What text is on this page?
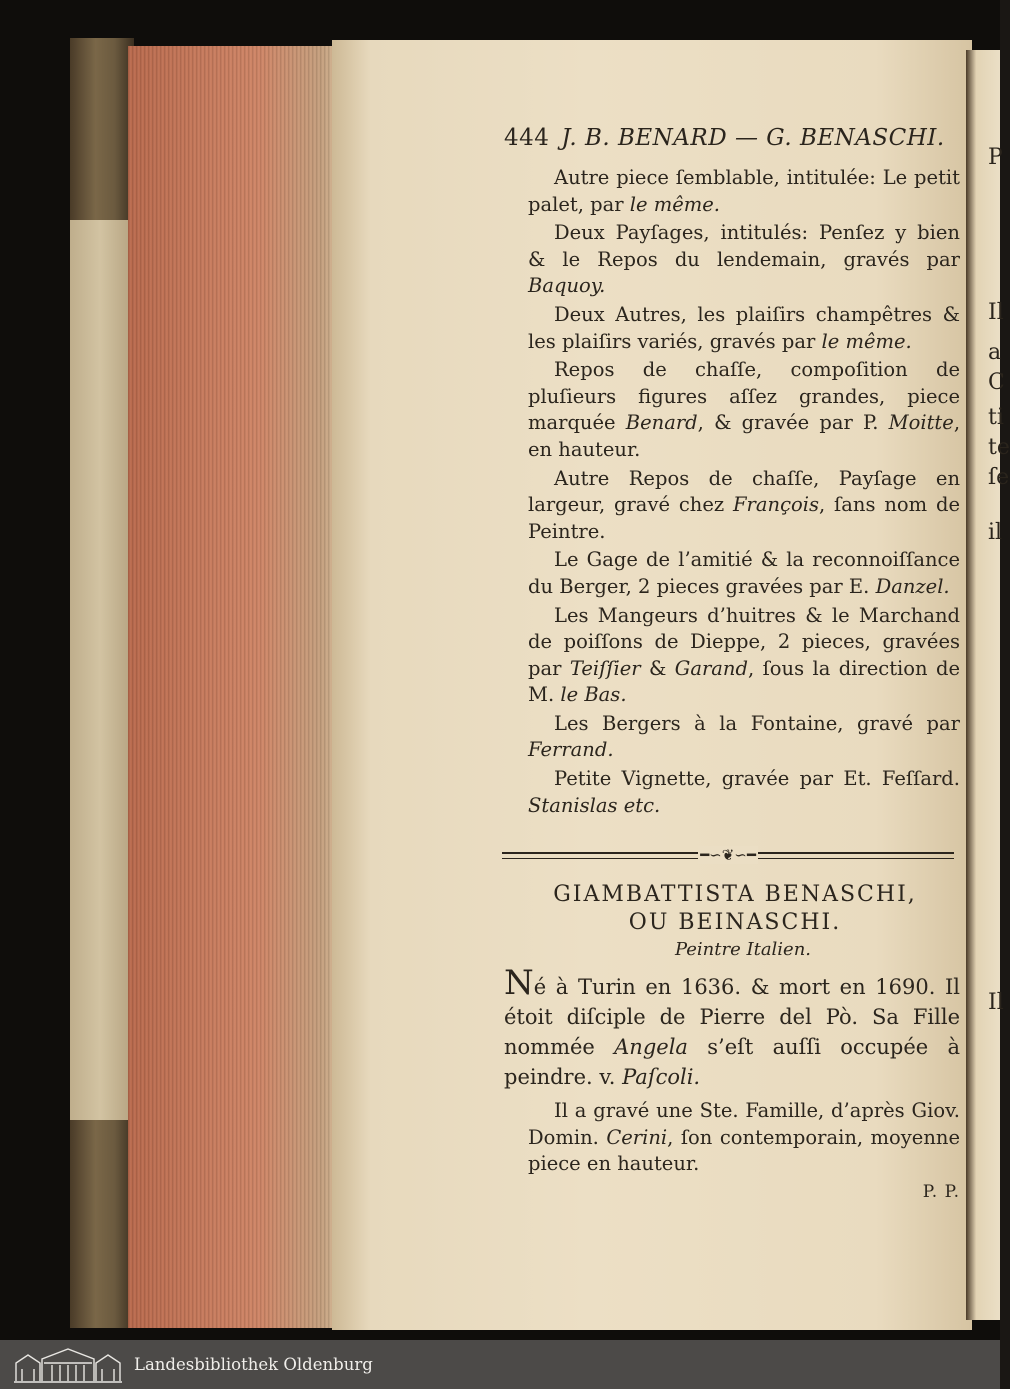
P
Il
a
C
ti
te
ſe
il
Il
444 J. B. BENARD — G. BENASCHI.

Autre piece ſemblable, intitulée: Le petit palet, par le même.

Deux Payſages, intitulés: Penſez y bien & le Repos du lendemain, gravés par Baquoy.

Deux Autres, les plaiſirs champêtres & les plaiſirs variés, gravés par le même.

Repos de chaſſe, compoſition de pluſieurs figures aſſez grandes, piece marquée Benard, & gravée par P. Moitte, en hauteur.

Autre Repos de chaſſe, Payſage en largeur, gravé chez François, ſans nom de Peintre.

Le Gage de l’amitié & la reconnoiſſance du Berger, 2 pieces gravées par E. Danzel.

Les Mangeurs d’huitres & le Marchand de poiſſons de Dieppe, 2 pieces, gravées par Teiſſier & Garand, ſous la direction de M. le Bas.

Les Bergers à la Fontaine, gravé par Ferrand.

Petite Vignette, gravée par Et. Feſſard. Stanislas etc.

━∽❦∽━
GIAMBATTISTA BENASCHI,
OU BEINASCHI.
Peintre Italien.
Né à Turin en 1636. & mort en 1690. Il étoit diſciple de Pierre del Pò. Sa Fille nommée Angela s’eſt auſſi occupée à peindre. v. Paſcoli.
Il a gravé une Ste. Famille, d’après Giov. Domin. Cerini, ſon contemporain, moyenne piece en hauteur.
P. P.
Landesbibliothek Oldenburg
